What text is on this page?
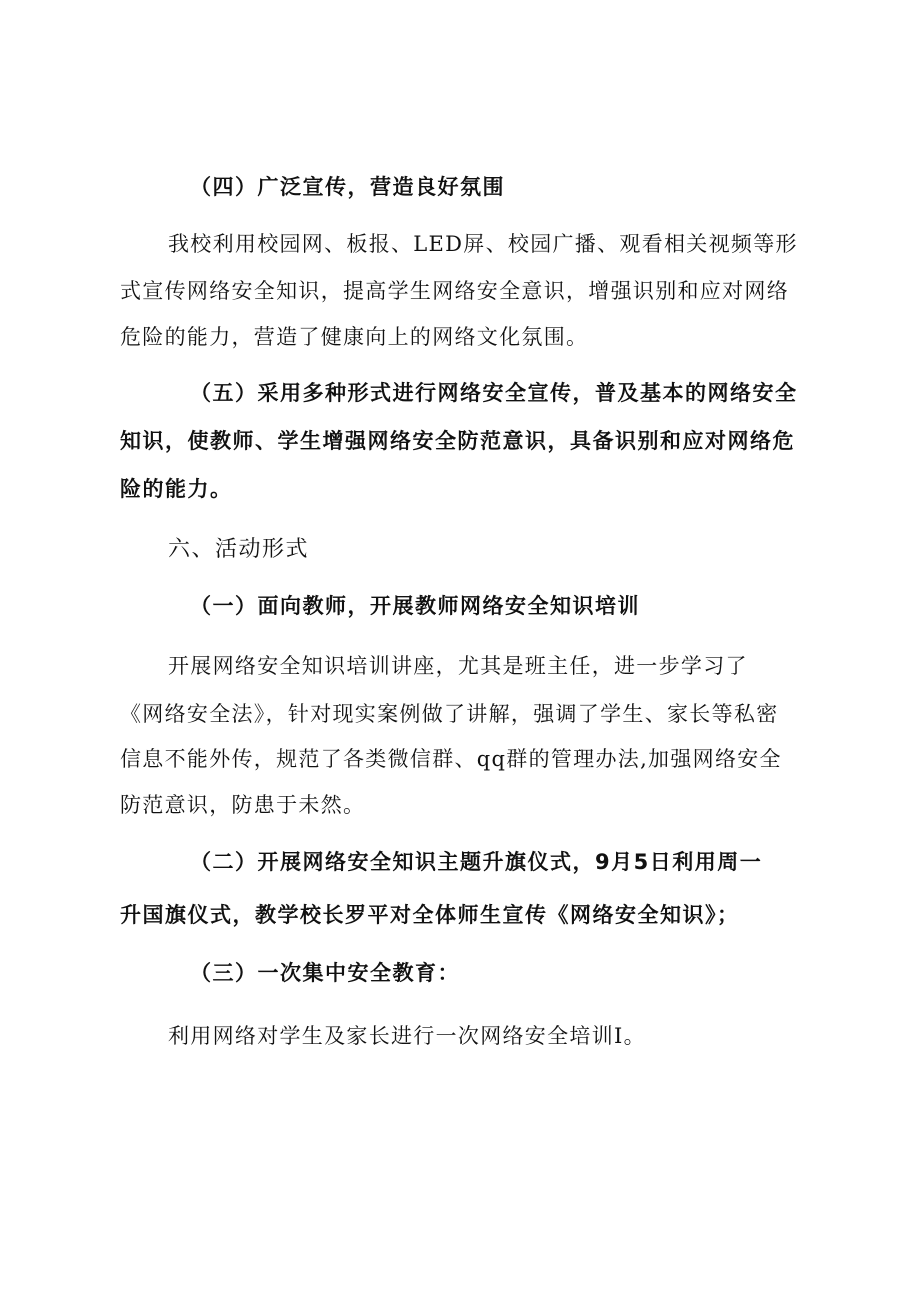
（四）广泛宣传，营造良好氛围
我校利用校园网、板报、LED屏、校园广播、观看相关视频等形
式宣传网络安全知识，提高学生网络安全意识，增强识别和应对网络
危险的能力，营造了健康向上的网络文化氛围。
（五）采用多种形式进行网络安全宣传，普及基本的网络安全
知识，使教师、学生增强网络安全防范意识，具备识别和应对网络危
险的能力。
六、活动形式
（一）面向教师，开展教师网络安全知识培训
开展网络安全知识培训讲座，尤其是班主任，进一步学习了
《网络安全法》，针对现实案例做了讲解，强调了学生、家长等私密
信息不能外传，规范了各类微信群、qq群的管理办法,加强网络安全
防范意识，防患于未然。
（二）开展网络安全知识主题升旗仪式，9月5日利用周一
升国旗仪式，教学校长罗平对全体师生宣传《网络安全知识》；
（三）一次集中安全教育：
利用网络对学生及家长进行一次网络安全培训Ⅰ。
